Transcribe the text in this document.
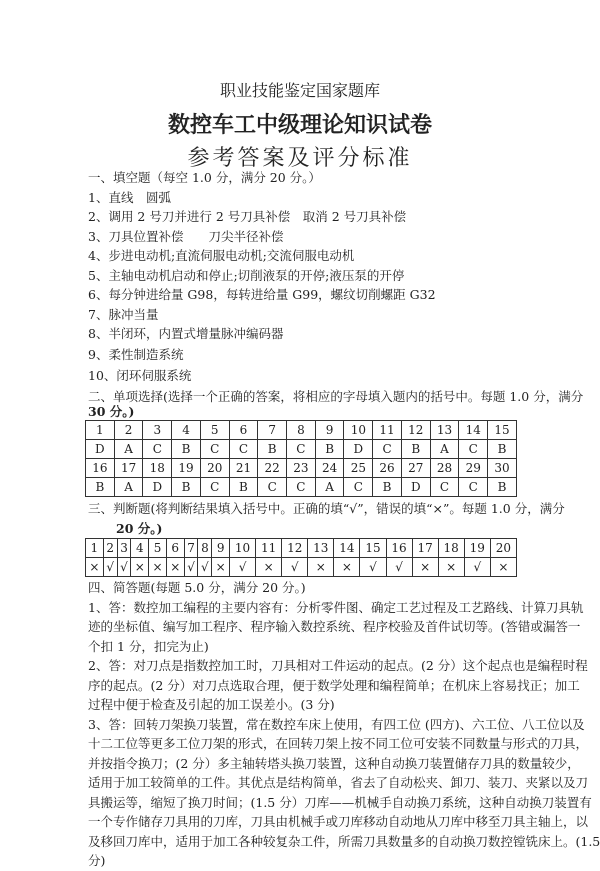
职业技能鉴定国家题库
数控车工中级理论知识试卷
参考答案及评分标准
一、填空题（每空 1.0 分，满分 20 分。）
1、直线　圆弧
2、调用 2 号刀并进行 2 号刀具补偿　取消 2 号刀具补偿
3、刀具位置补偿　　刀尖半径补偿
4、步进电动机;直流伺服电动机;交流伺服电动机
5、主轴电动机启动和停止;切削液泵的开停;液压泵的开停
6、每分钟进给量 G98，每转进给量 G99，螺纹切削螺距 G32
7、脉冲当量
8、半闭环，内置式增量脉冲编码器
9、柔性制造系统
10、闭环伺服系统
二、单项选择(选择一个正确的答案，将相应的字母填入题内的括号中。每题 1.0 分，满分
30 分。)
1	2	3	4	5	6	7	8	9	10	11	12	13	14	15
D	A	C	B	C	C	B	C	B	D	C	B	A	C	B
16	17	18	19	20	21	22	23	24	25	26	27	28	29	30
B	A	D	B	C	B	C	C	A	C	B	D	C	C	B
三、判断题(将判断结果填入括号中。正确的填“√”，错误的填“×”。每题 1.0 分，满分
20 分。)
1	2	3	4	5	6	7	8	9	10	11	12	13	14	15	16	17	18	19	20
×	√	√	×	×	×	√	√	×	√	×	√	×	×	√	√	×	×	√	×
四、简答题(每题 5.0 分，满分 20 分。)
1、答：数控加工编程的主要内容有：分析零件图、确定工艺过程及工艺路线、计算刀具轨
迹的坐标值、编写加工程序、程序输入数控系统、程序校验及首件试切等。(答错或漏答一
个扣 1 分，扣完为止)
2、答：对刀点是指数控加工时，刀具相对工件运动的起点。(2 分）这个起点也是编程时程
序的起点。(2 分）对刀点选取合理，便于数学处理和编程简单；在机床上容易找正；加工
过程中便于检查及引起的加工误差小。(3 分)
3、答：回转刀架换刀装置，常在数控车床上使用，有四工位 (四方)、六工位、八工位以及
十二工位等更多工位刀架的形式，在回转刀架上按不同工位可安装不同数量与形式的刀具，
并按指令换刀；(2 分）多主轴转塔头换刀装置，这种自动换刀装置储存刀具的数量较少，
适用于加工较简单的工件。其优点是结构简单，省去了自动松夹、卸刀、装刀、夹紧以及刀
具搬运等，缩短了换刀时间；(1.5 分）刀库——机械手自动换刀系统，这种自动换刀装置有
一个专作储存刀具用的刀库，刀具由机械手或刀库移动自动地从刀库中移至刀具主轴上，以
及移回刀库中，适用于加工各种较复杂工件，所需刀具数量多的自动换刀数控镗铣床上。(1.5
分)
